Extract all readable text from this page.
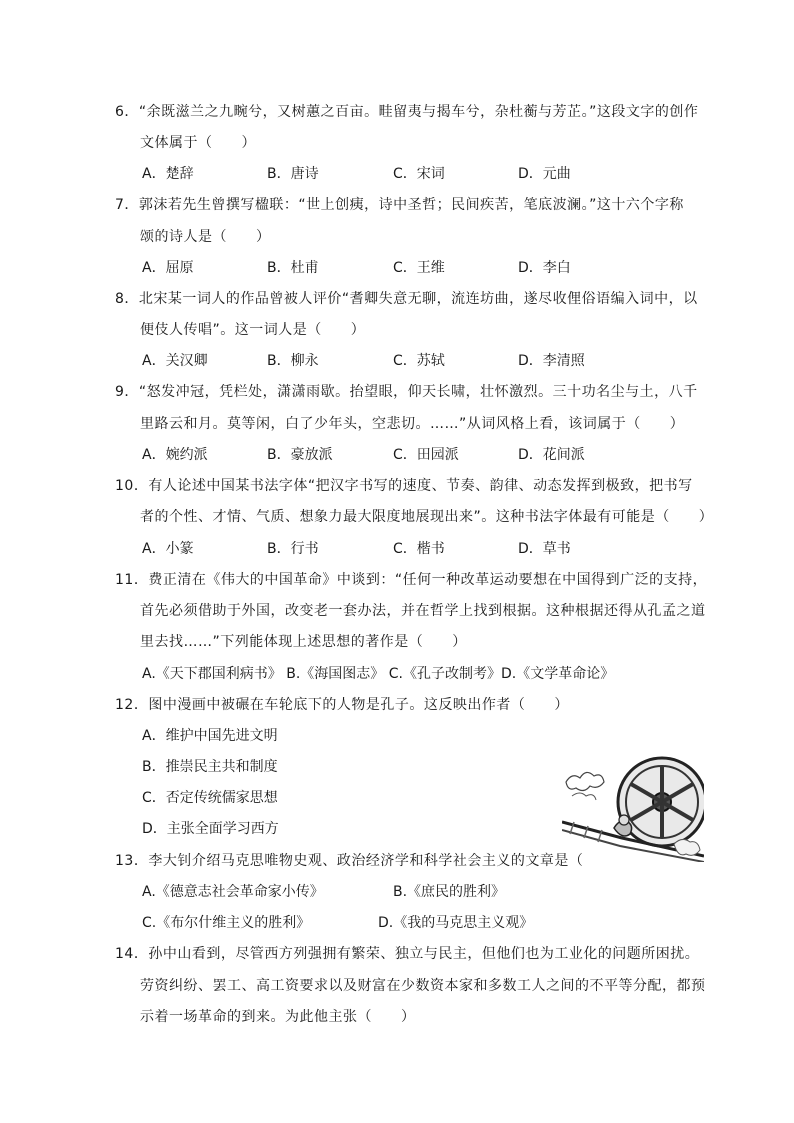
6．“余既滋兰之九畹兮，又树蕙之百亩。畦留夷与揭车兮，杂杜蘅与芳芷。”这段文字的创作
文体属于（　　）
A．楚辞	B．唐诗	C．宋词	D．元曲
7．郭沫若先生曾撰写楹联：“世上创痍，诗中圣哲；民间疾苦，笔底波澜。”这十六个字称
颂的诗人是（　　）
A．屈原	B．杜甫	C．王维	D．李白
8．北宋某一词人的作品曾被人评价“耆卿失意无聊，流连坊曲，遂尽收俚俗语编入词中，以
便伎人传唱”。这一词人是（　　）
A．关汉卿	B．柳永	C．苏轼	D．李清照
9．“怒发冲冠，凭栏处，潇潇雨歇。抬望眼，仰天长啸，壮怀激烈。三十功名尘与土，八千
里路云和月。莫等闲，白了少年头，空悲切。……”从词风格上看，该词属于（　　）
A．婉约派	B．豪放派	C．田园派	D．花间派
10．有人论述中国某书法字体“把汉字书写的速度、节奏、韵律、动态发挥到极致，把书写
者的个性、才情、气质、想象力最大限度地展现出来”。这种书法字体最有可能是（　　）
A．小篆	B．行书	C．楷书	D．草书
11．费正清在《伟大的中国革命》中谈到：“任何一种改革运动要想在中国得到广泛的支持，
首先必须借助于外国，改变老一套办法，并在哲学上找到根据。这种根据还得从孔孟之道
里去找……”下列能体现上述思想的著作是（　　）
A.《天下郡国利病书》 B.《海国图志》 C.《孔子改制考》D.《文学革命论》
12．图中漫画中被碾在车轮底下的人物是孔子。这反映出作者（　　）
A．维护中国先进文明
B．推崇民主共和制度
C．否定传统儒家思想
D．主张全面学习西方
13．李大钊介绍马克思唯物史观、政治经济学和科学社会主义的文章是（
A.《德意志社会革命家小传》	B.《庶民的胜利》
C.《布尔什维主义的胜利》	D.《我的马克思主义观》
14．孙中山看到，尽管西方列强拥有繁荣、独立与民主，但他们也为工业化的问题所困扰。
劳资纠纷、罢工、高工资要求以及财富在少数资本家和多数工人之间的不平等分配，都预
示着一场革命的到来。为此他主张（　　）
